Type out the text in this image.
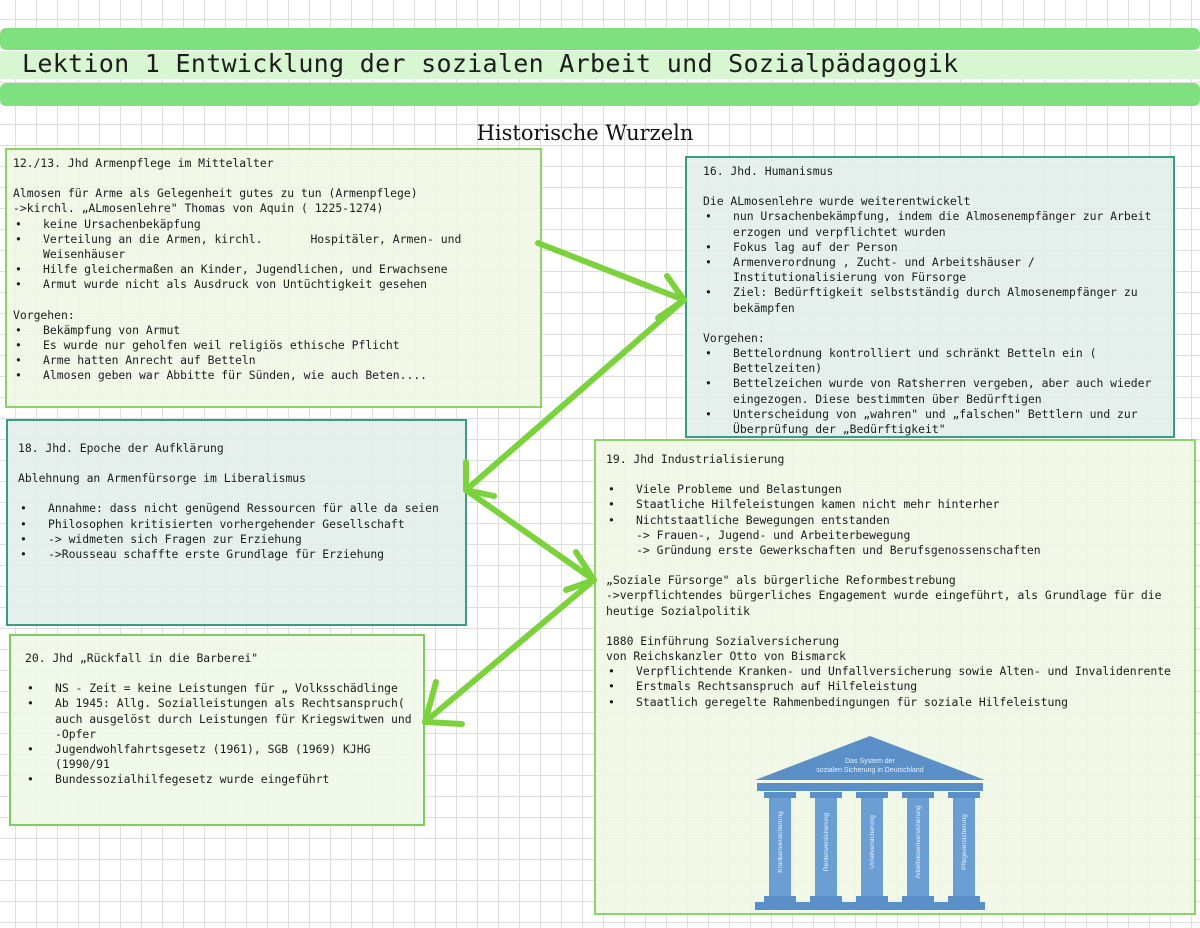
Lektion 1 Entwicklung der sozialen Arbeit und Sozialpädagogik
Historische Wurzeln
12./13. Jhd Armenpflege im Mittelalter
Almosen für Arme als Gelegenheit gutes zu tun (Armenpflege)
->kirchl. „ALmosenlehre" Thomas von Aquin ( 1225-1274)
• keine Ursachenbekäpfung
• Verteilung an die Armen, kirchl.       Hospitäler, Armen- und Weisenhäuser
• Hilfe gleichermaßen an Kinder, Jugendlichen, und Erwachsene
• Armut wurde nicht als Ausdruck von Untüchtigkeit gesehen
Vorgehen:
• Bekämpfung von Armut
• Es wurde nur geholfen weil religiös ethische Pflicht
• Arme hatten Anrecht auf Betteln
• Almosen geben war Abbitte für Sünden, wie auch Beten....
16. Jhd. Humanismus
Die ALmosenlehre wurde weiterentwickelt
• nun Ursachenbekämpfung, indem die Almosenempfänger zur Arbeit erzogen und verpflichtet wurden
• Fokus lag auf der Person
• Armenverordnung , Zucht- und Arbeitshäuser / Institutionalisierung von Fürsorge
• Ziel: Bedürftigkeit selbstständig durch Almosenempfänger zu bekämpfen
Vorgehen:
• Bettelordnung kontrolliert und schränkt Betteln ein ( Bettelzeiten)
• Bettelzeichen wurde von Ratsherren vergeben, aber auch wieder eingezogen. Diese bestimmten über Bedürftigen
• Unterscheidung von „wahren" und „falschen" Bettlern und zur Überprüfung der „Bedürftigkeit"
18. Jhd. Epoche der Aufklärung
Ablehnung an Armenfürsorge im Liberalismus
• Annahme: dass nicht genügend Ressourcen für alle da seien
• Philosophen kritisierten vorhergehender Gesellschaft
• -> widmeten sich Fragen zur Erziehung
• ->Rousseau schaffte erste Grundlage für Erziehung
19. Jhd Industrialisierung
• Viele Probleme und Belastungen
• Staatliche Hilfeleistungen kamen nicht mehr hinterher
• Nichtstaatliche Bewegungen entstanden
-> Frauen-, Jugend- und Arbeiterbewegung
-> Gründung erste Gewerkschaften und Berufsgenossenschaften
„Soziale Fürsorge" als bürgerliche Reformbestrebung
->verpflichtendes bürgerliches Engagement wurde eingeführt, als Grundlage für die heutige Sozialpolitik
1880 Einführung Sozialversicherung
von Reichskanzler Otto von Bismarck
• Verpflichtende Kranken- und Unfallversicherung sowie Alten- und Invalidenrente
• Erstmals Rechtsanspruch auf Hilfeleistung
• Staatlich geregelte Rahmenbedingungen für soziale Hilfeleistung
20. Jhd „Rückfall in die Barberei"
• NS - Zeit = keine Leistungen für „ Volksschädlinge
• Ab 1945: Allg. Sozialleistungen als Rechtsanspruch( auch ausgelöst durch Leistungen für Kriegswitwen und -Opfer
• Jugendwohlfahrtsgesetz (1961), SGB (1969) KJHG (1990/91
• Bundessozialhilfegesetz wurde eingeführt
Das System der
sozialen Sicherung in Deutschland
Krankenversicherung	Rentenversicherung	Unfallversicherung	Arbeitslosenversicherung	Pflegeversicherung
